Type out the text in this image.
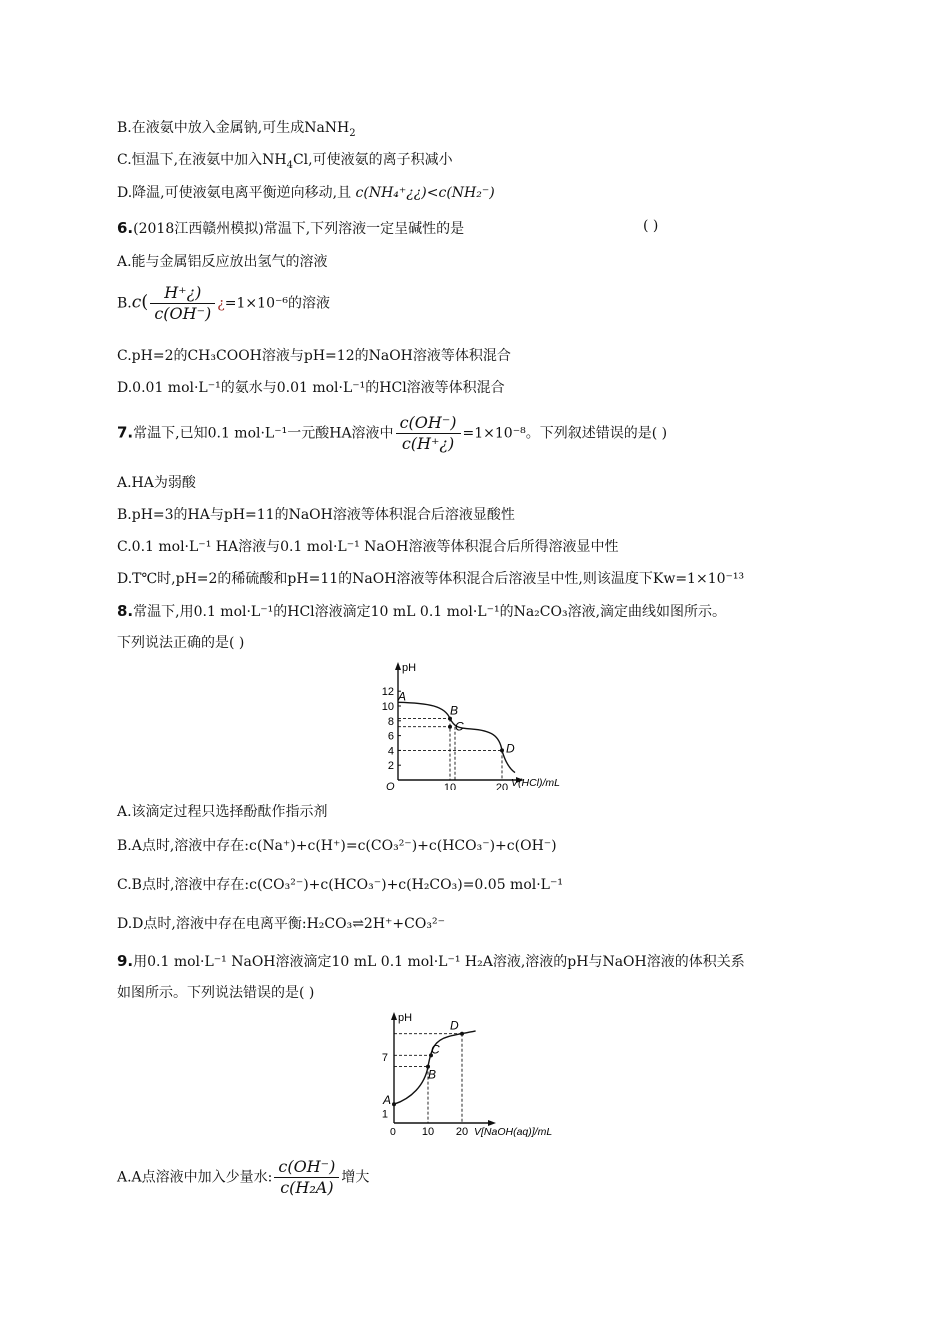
B.在液氨中放入金属钠,可生成NaNH$_2$
C.恒温下,在液氨中加入$NH_4Cl$,可使液氨的离子积减小
D.降温,可使液氨电离平衡逆向移动,且 c(NH₄⁺¿¿)<c(NH₂⁻)
6.(2018江西赣州模拟)常温下,下列溶液一定呈碱性的是	( )
A.能与金属铝反应放出氢气的溶液
$B.c( \frac{H^+¿)}{c(OH^-)}$ ¿=1×10⁻⁶的溶液
C.pH=2的CH₃COOH溶液与pH=12的NaOH溶液等体积混合
D.0.01 mol·L⁻¹的氨水与0.01 mol·L⁻¹的HCl溶液等体积混合
7.常温下,已知0.1 mol·L⁻¹一元酸HA溶液中 $\frac{c(OH^-)}{c(H^+¿)} =1\times 10^{-8}$。下列叙述错误的是( )
A.HA为弱酸
B.pH=3的HA与pH=11的NaOH溶液等体积混合后溶液显酸性
C.0.1 mol·L⁻¹ HA溶液与0.1 mol·L⁻¹ NaOH溶液等体积混合后所得溶液显中性
D.T℃时,pH=2的稀硫酸和pH=11的NaOH溶液等体积混合后溶液呈中性,则该温度下Kw=1×10⁻¹³
8.常温下,用0.1 mol·L⁻¹的HCl溶液滴定10 mL 0.1 mol·L⁻¹的Na₂CO₃溶液,滴定曲线如图所示。
下列说法正确的是( )
pH
O
2
4
6
8
10
12
10	20
A
B
C
D
V(HCl)/mL
A.该滴定过程只选择酚酞作指示剂
B.A点时,溶液中存在:c(Na⁺)+c(H⁺)=c(CO₃²⁻)+c(HCO₃⁻)+c(OH⁻)
C.B点时,溶液中存在:c(CO₃²⁻)+c(HCO₃⁻)+c(H₂CO₃)=0.05 mol·L⁻¹
D.D点时,溶液中存在电离平衡:H₂CO₃⇌2H⁺+CO₃²⁻
9.用0.1 mol·L⁻¹ NaOH溶液滴定10 mL 0.1 mol·L⁻¹ H₂A溶液,溶液的pH与NaOH溶液的体积关系
如图所示。下列说法错误的是( )
pH
0
1
7
10 20
A
B
C
D
V[NaOH(aq)]/mL
A.A点溶液中加入少量水: $\frac{c(OH^-)}{\text{c(H₂A)}}$ 增大
